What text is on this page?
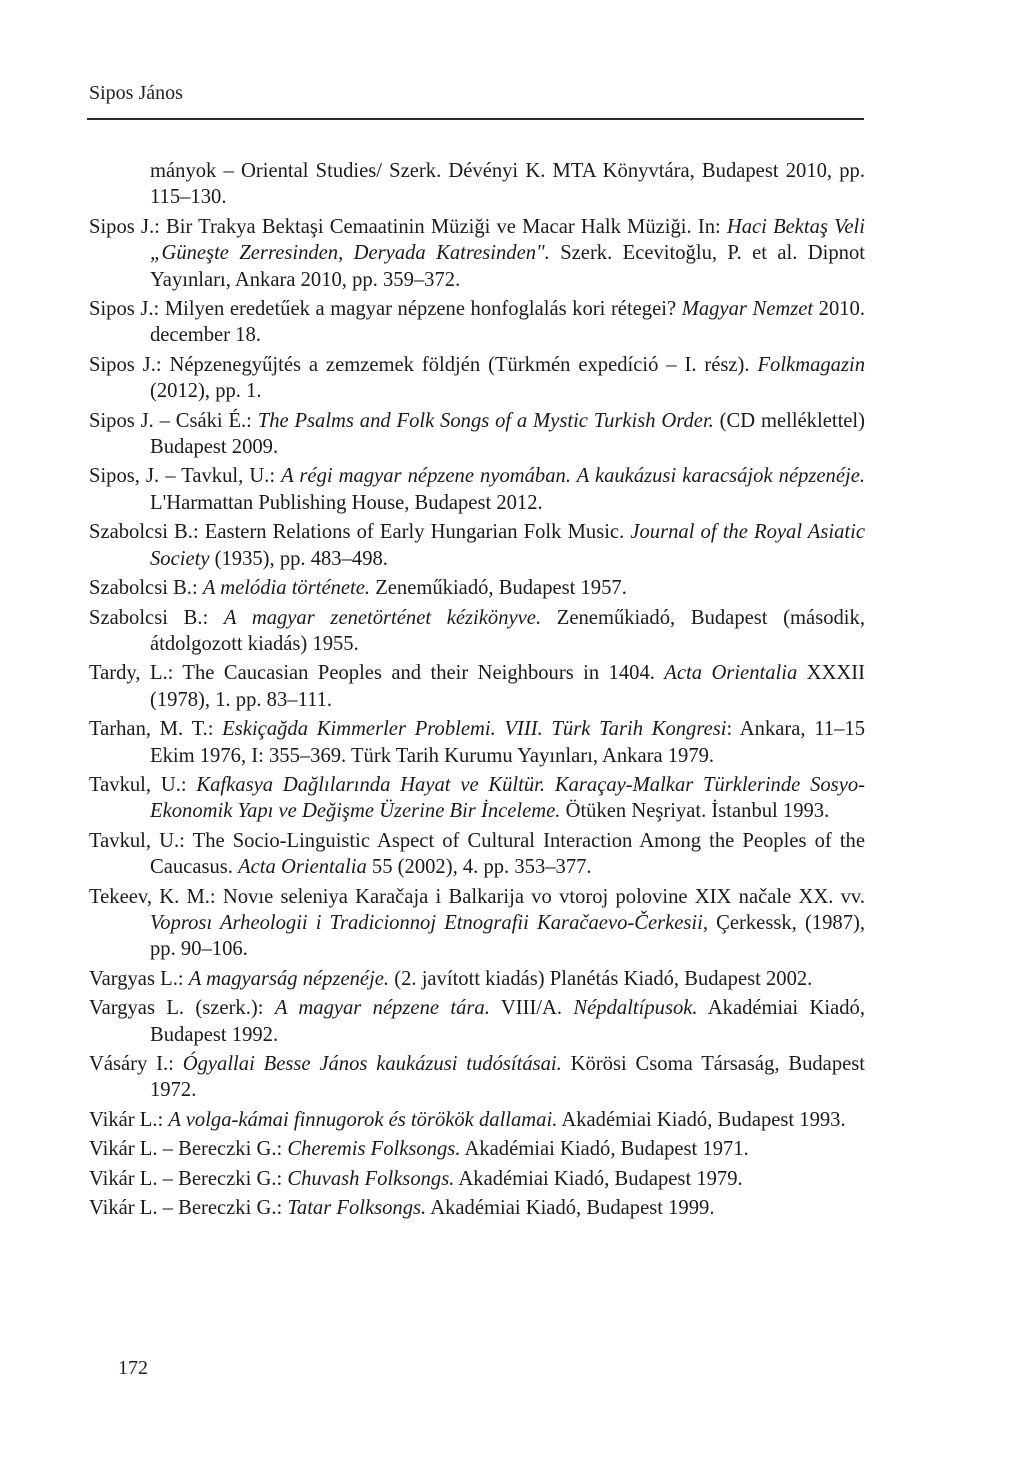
Sipos János
mányok – Oriental Studies/ Szerk. Dévényi K. MTA Könyvtára, Budapest 2010, pp. 115–130.
Sipos J.: Bir Trakya Bektaşi Cemaatinin Müziği ve Macar Halk Müziği. In: Haci Bektaş Veli „Güneşte Zerresinden, Deryada Katresinden". Szerk. Ecevitoğlu, P. et al. Dipnot Yayınları, Ankara 2010, pp. 359–372.
Sipos J.: Milyen eredetűek a magyar népzene honfoglalás kori rétegei? Magyar Nemzet 2010. december 18.
Sipos J.: Népzenegyűjtés a zemzemek földjén (Türkmén expedíció – I. rész). Folkmagazin (2012), pp. 1.
Sipos J. – Csáki É.: The Psalms and Folk Songs of a Mystic Turkish Order. (CD melléklettel) Budapest 2009.
Sipos, J. – Tavkul, U.: A régi magyar népzene nyomában. A kaukázusi karacsájok népzenéje. L'Harmattan Publishing House, Budapest 2012.
Szabolcsi B.: Eastern Relations of Early Hungarian Folk Music. Journal of the Royal Asiatic Society (1935), pp. 483–498.
Szabolcsi B.: A melódia története. Zeneműkiadó, Budapest 1957.
Szabolcsi B.: A magyar zenetörténet kézikönyve. Zeneműkiadó, Budapest (második, átdolgozott kiadás) 1955.
Tardy, L.: The Caucasian Peoples and their Neighbours in 1404. Acta Orientalia XXXII (1978), 1. pp. 83–111.
Tarhan, M. T.: Eskiçağda Kimmerler Problemi. VIII. Türk Tarih Kongresi: Ankara, 11–15 Ekim 1976, I: 355–369. Türk Tarih Kurumu Yayınları, Ankara 1979.
Tavkul, U.: Kafkasya Dağlılarında Hayat ve Kültür. Karaçay-Malkar Türklerinde Sosyo-Ekonomik Yapı ve Değişme Üzerine Bir İnceleme. Ötüken Neşriyat. İstanbul 1993.
Tavkul, U.: The Socio-Linguistic Aspect of Cultural Interaction Among the Peoples of the Caucasus. Acta Orientalia 55 (2002), 4. pp. 353–377.
Tekeev, K. M.: Novıe seleniya Karačaja i Balkarija vo vtoroj polovine XIX načale XX. vv. Voprosı Arheologii i Tradicionnoj Etnografii Karačaevo-Čerkesii, Çerkessk, (1987), pp. 90–106.
Vargyas L.: A magyarság népzenéje. (2. javított kiadás) Planétás Kiadó, Budapest 2002.
Vargyas L. (szerk.): A magyar népzene tára. VIII/A. Népdaltípusok. Akadémiai Kiadó, Budapest 1992.
Vásáry I.: Ógyallai Besse János kaukázusi tudósításai. Körösi Csoma Társaság, Budapest 1972.
Vikár L.: A volga-kámai finnugorok és törökök dallamai. Akadémiai Kiadó, Budapest 1993.
Vikár L. – Bereczki G.: Cheremis Folksongs. Akadémiai Kiadó, Budapest 1971.
Vikár L. – Bereczki G.: Chuvash Folksongs. Akadémiai Kiadó, Budapest 1979.
Vikár L. – Bereczki G.: Tatar Folksongs. Akadémiai Kiadó, Budapest 1999.
172
